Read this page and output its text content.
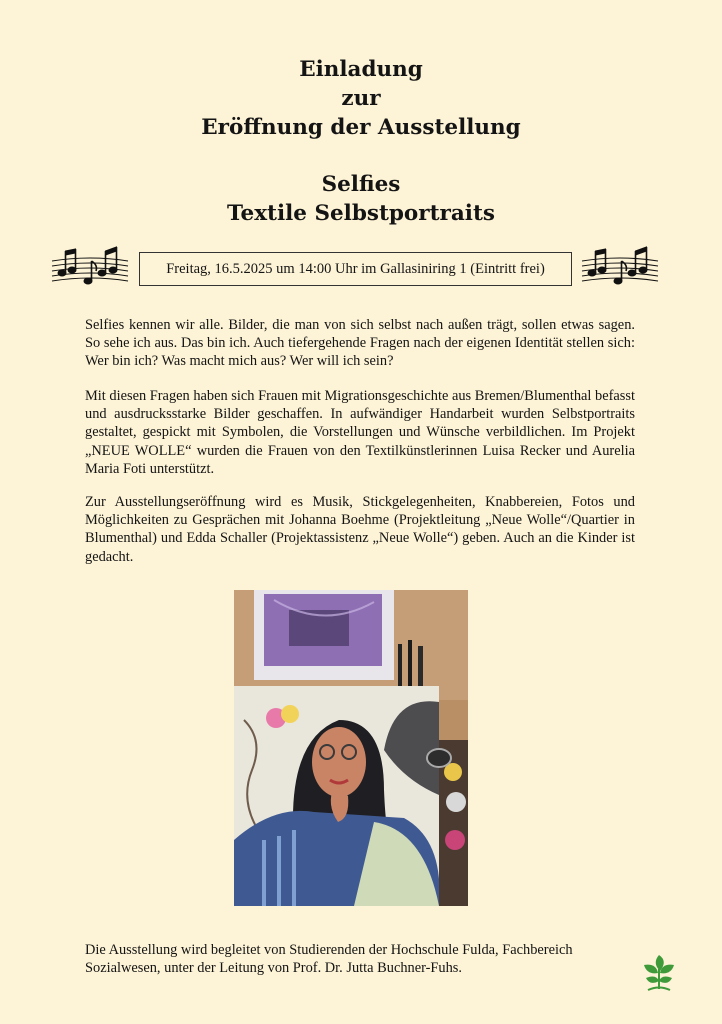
Einladung
zur
Eröffnung der Ausstellung
Selfies
Textile Selbstportraits
Freitag, 16.5.2025 um 14:00 Uhr im Gallasiniring 1 (Eintritt frei)

Selfies kennen wir alle. Bilder, die man von sich selbst nach außen trägt, sollen etwas sagen. So sehe ich aus. Das bin ich. Auch tiefergehende Fragen nach der eigenen Identität stellen sich: Wer bin ich? Was macht mich aus? Wer will ich sein?

Mit diesen Fragen haben sich Frauen mit Migrationsgeschichte aus Bremen/Blumenthal befasst und ausdrucksstarke Bilder geschaffen. In aufwändiger Handarbeit wurden Selbstportraits gestaltet, gespickt mit Symbolen, die Vorstellungen und Wünsche verbildlichen. Im Projekt „NEUE WOLLE“ wurden die Frauen von den Textilkünstlerinnen Luisa Recker und Aurelia Maria Foti unterstützt.

Zur Ausstellungseröffnung wird es Musik, Stickgelegenheiten, Knabbereien, Fotos und Möglichkeiten zu Gesprächen mit Johanna Boehme (Projektleitung „Neue Wolle“/Quartier in Blumenthal) und Edda Schaller (Projektassistenz „Neue Wolle“) geben. Auch an die Kinder ist gedacht.

Die Ausstellung wird begleitet von Studierenden der Hochschule Fulda, Fachbereich Sozialwesen, unter der Leitung von Prof. Dr. Jutta Buchner-Fuhs.
